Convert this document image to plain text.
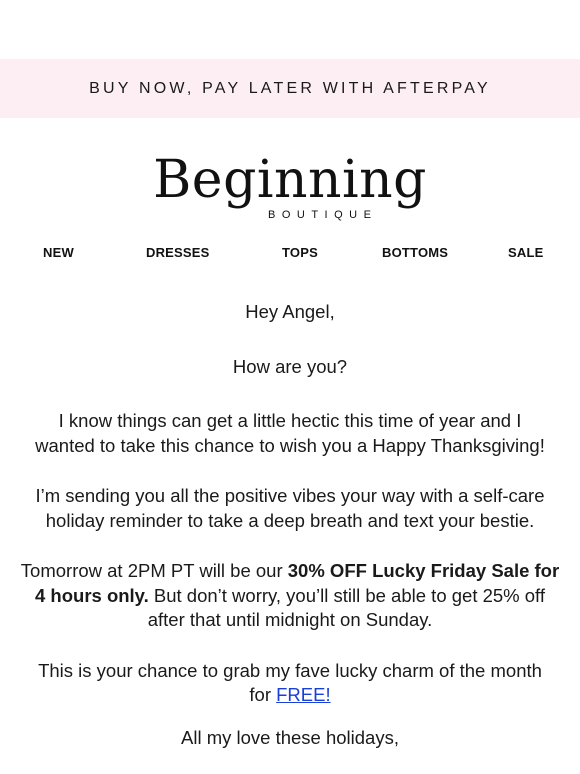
BUY NOW, PAY LATER WITH AFTERPAY
Beginning
BOUTIQUE
NEW	DRESSES	TOPS	BOTTOMS	SALE

Hey Angel,

How are you?

I know things can get a little hectic this time of year and I
wanted to take this chance to wish you a Happy Thanksgiving!

I’m sending you all the positive vibes your way with a self-care
holiday reminder to take a deep breath and text your bestie.

Tomorrow at 2PM PT will be our 30% OFF Lucky Friday Sale for
4 hours only. But don’t worry, you’ll still be able to get 25% off
after that until midnight on Sunday.

This is your chance to grab my fave lucky charm of the month
for FREE!

All my love these holidays,
